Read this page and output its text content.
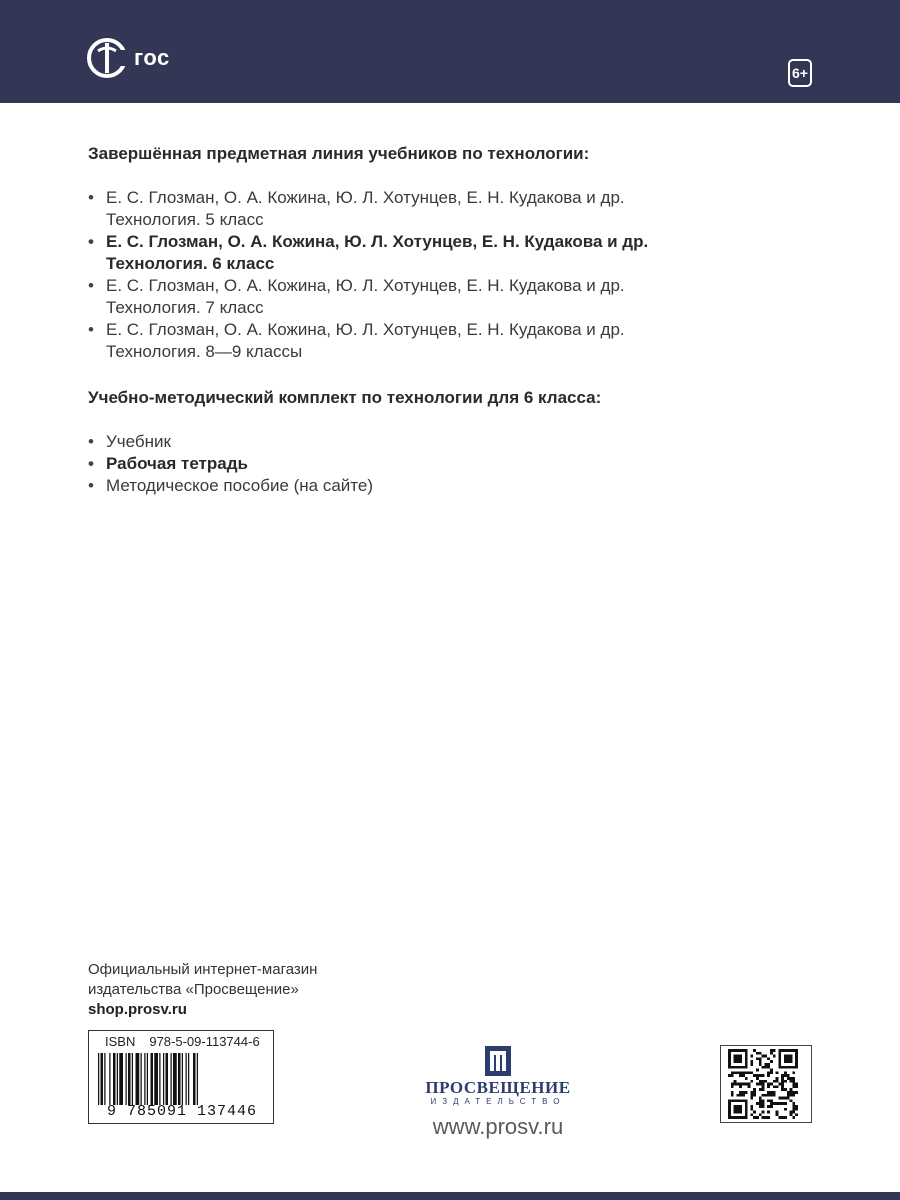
гос
6+

Завершённая предметная линия учебников по технологии:

• Е. С. Глозман, О. А. Кожина, Ю. Л. Хотунцев, Е. Н. Кудакова и др.
Технология. 5 класс
• Е. С. Глозман, О. А. Кожина, Ю. Л. Хотунцев, Е. Н. Кудакова и др.
Технология. 6 класс
• Е. С. Глозман, О. А. Кожина, Ю. Л. Хотунцев, Е. Н. Кудакова и др.
Технология. 7 класс
• Е. С. Глозман, О. А. Кожина, Ю. Л. Хотунцев, Е. Н. Кудакова и др.
Технология. 8—9 классы

Учебно-методический комплект по технологии для 6 класса:

• Учебник
• Рабочая тетрадь
• Методическое пособие (на сайте)
Официальный интернет-магазин
издательства «Просвещение»
shop.prosv.ru
ISBN 978-5-09-113744-6
9 785091 137446
ПРОСВЕЩЕНИЕ
ИЗДАТЕЛЬСТВО
www.prosv.ru
